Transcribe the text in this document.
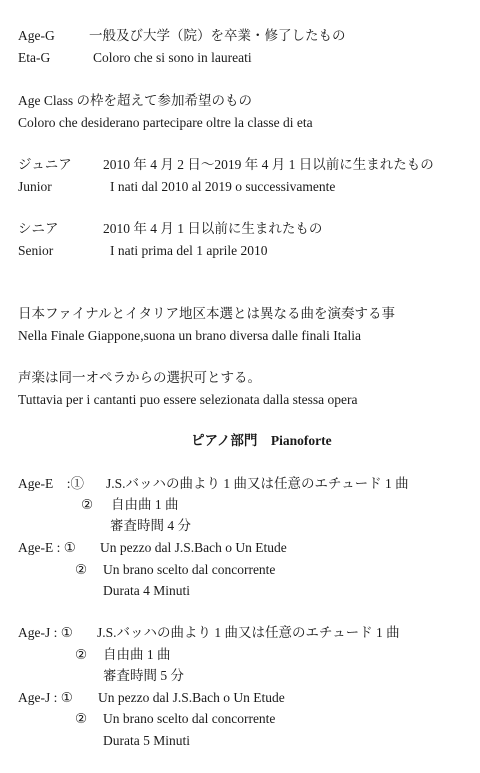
Age-G	一般及び大学（院）を卒業・修了したもの
Eta-G	Coloro che si sono in laureati
Age Class の枠を超えて参加希望のもの
Coloro che desiderano partecipare oltre la classe di eta
ジュニア 2010 年 4 月 2 日～2019 年 4 月 1 日以前に生まれたもの
Junior	I nati dal 2010 al 2019 o successivamente
シニア	2010 年 4 月 1 日以前に生まれたもの
Senior	I nati prima del 1 aprile 2010
日本ファイナルとイタリア地区本選とは異なる曲を演奏する事
Nella Finale Giappone,suona un brano diversa dalle finali Italia
声楽は同一オペラからの選択可とする。
Tuttavia per i cantanti puo essere selezionata dalla stessa opera
ピアノ部門　Pianoforte
Age-E　:① J.S.バッハの曲より 1 曲又は任意のエチュード 1 曲
② 自由曲 1 曲
審査時間 4 分
Age-E : ① Un pezzo dal J.S.Bach o Un Etude
② Un brano scelto dal concorrente
Durata 4 Minuti
Age-J : ① J.S.バッハの曲より 1 曲又は任意のエチュード 1 曲
② 自由曲 1 曲
審査時間 5 分
Age-J : ① Un pezzo dal J.S.Bach o Un Etude
② Un brano scelto dal concorrente
Durata 5 Minuti
